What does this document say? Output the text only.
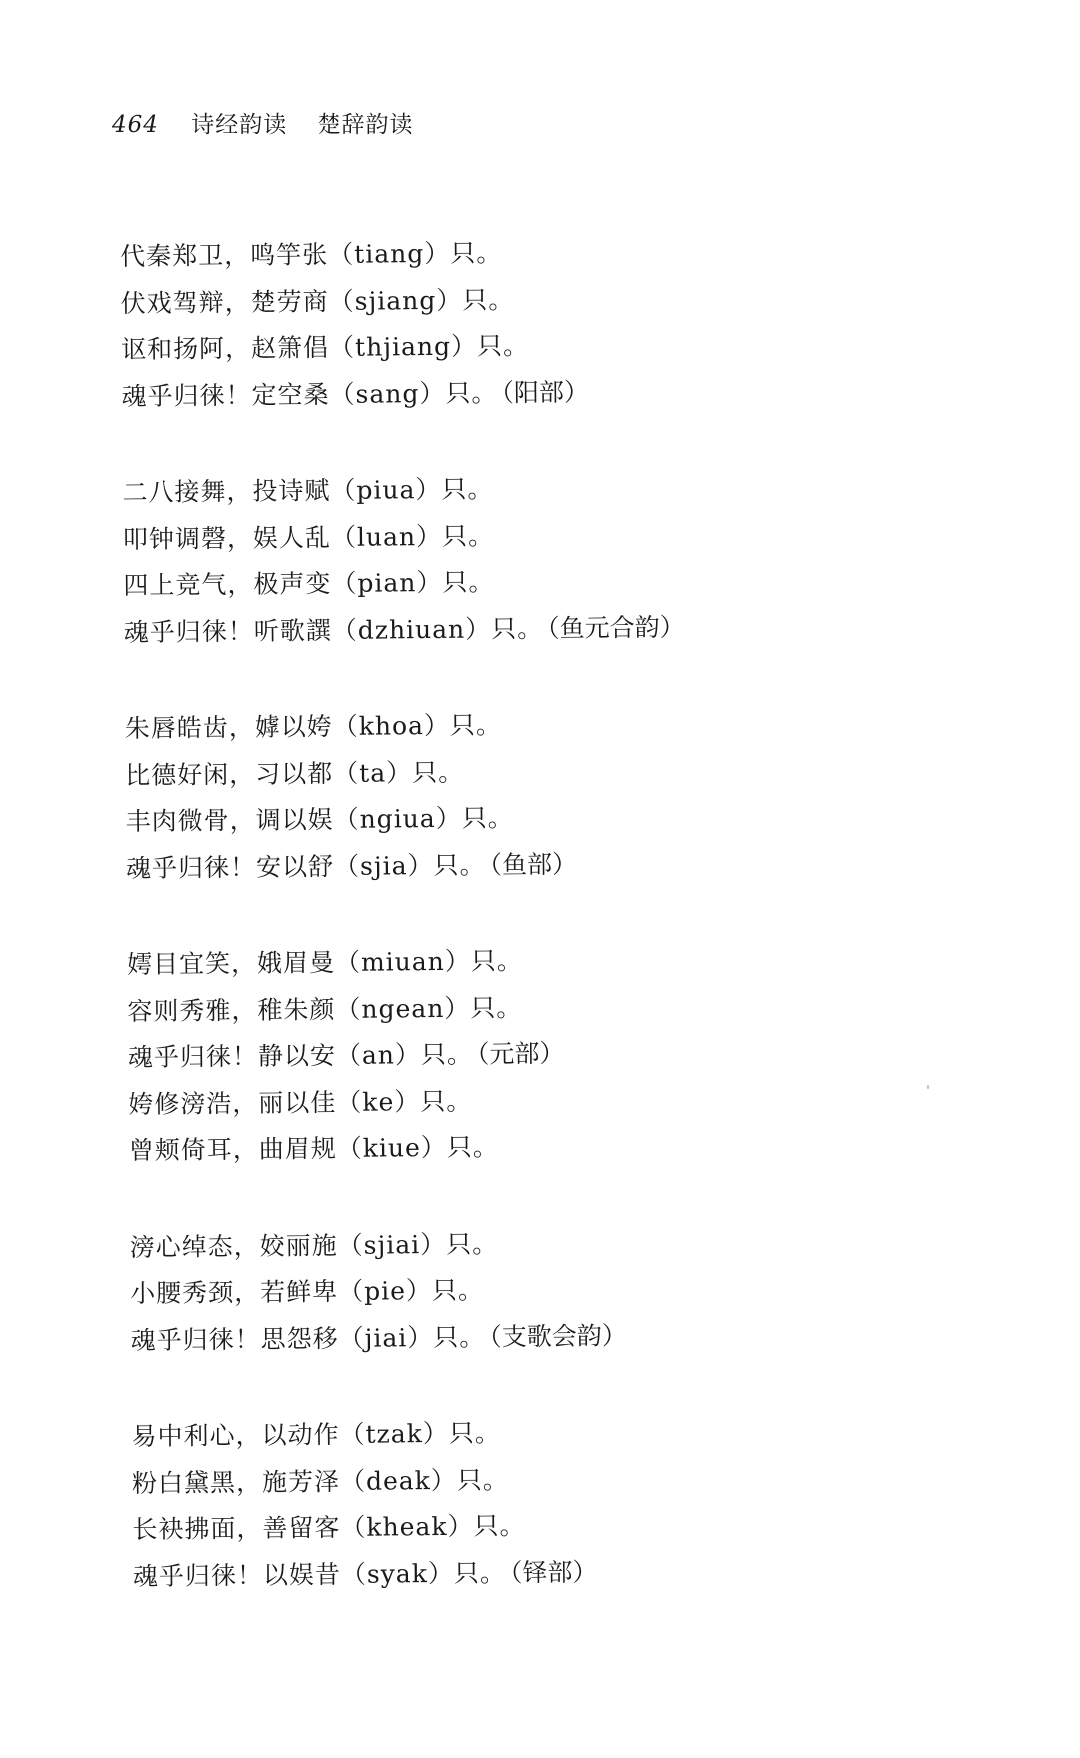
464 诗经韵读 楚辞韵读
代秦郑卫，鸣竽张（tiang）只。
伏戏驾辩，楚劳商（sjiang）只。
讴和扬阿，赵箫倡（thjiang）只。
魂乎归徕！定空桑（sang）只。 （阳部）
二八接舞，投诗赋（piua）只。
叩钟调磬，娱人乱（luan）只。
四上竞气，极声变（pian）只。
魂乎归徕！听歌譔（dzhiuan）只。 （鱼元合韵）
朱唇皓齿，嫭以姱（khoa）只。
比德好闲，习以都（ta）只。
丰肉微骨，调以娱（ngiua）只。
魂乎归徕！安以舒（sjia）只。 （鱼部）
嫮目宜笑，娥眉曼（miuan）只。
容则秀雅，稚朱颜（ngean）只。
魂乎归徕！静以安（an）只。 （元部）
姱修滂浩，丽以佳（ke）只。
曾颊倚耳，曲眉规（kiue）只。
滂心绰态，姣丽施（sjiai）只。
小腰秀颈，若鲜卑（pie）只。
魂乎归徕！思怨移（jiai）只。 （支歌会韵）
易中利心，以动作（tzak）只。
粉白黛黑，施芳泽（deak）只。
长袂拂面，善留客（kheak）只。
魂乎归徕！以娱昔（syak）只。 （铎部）
